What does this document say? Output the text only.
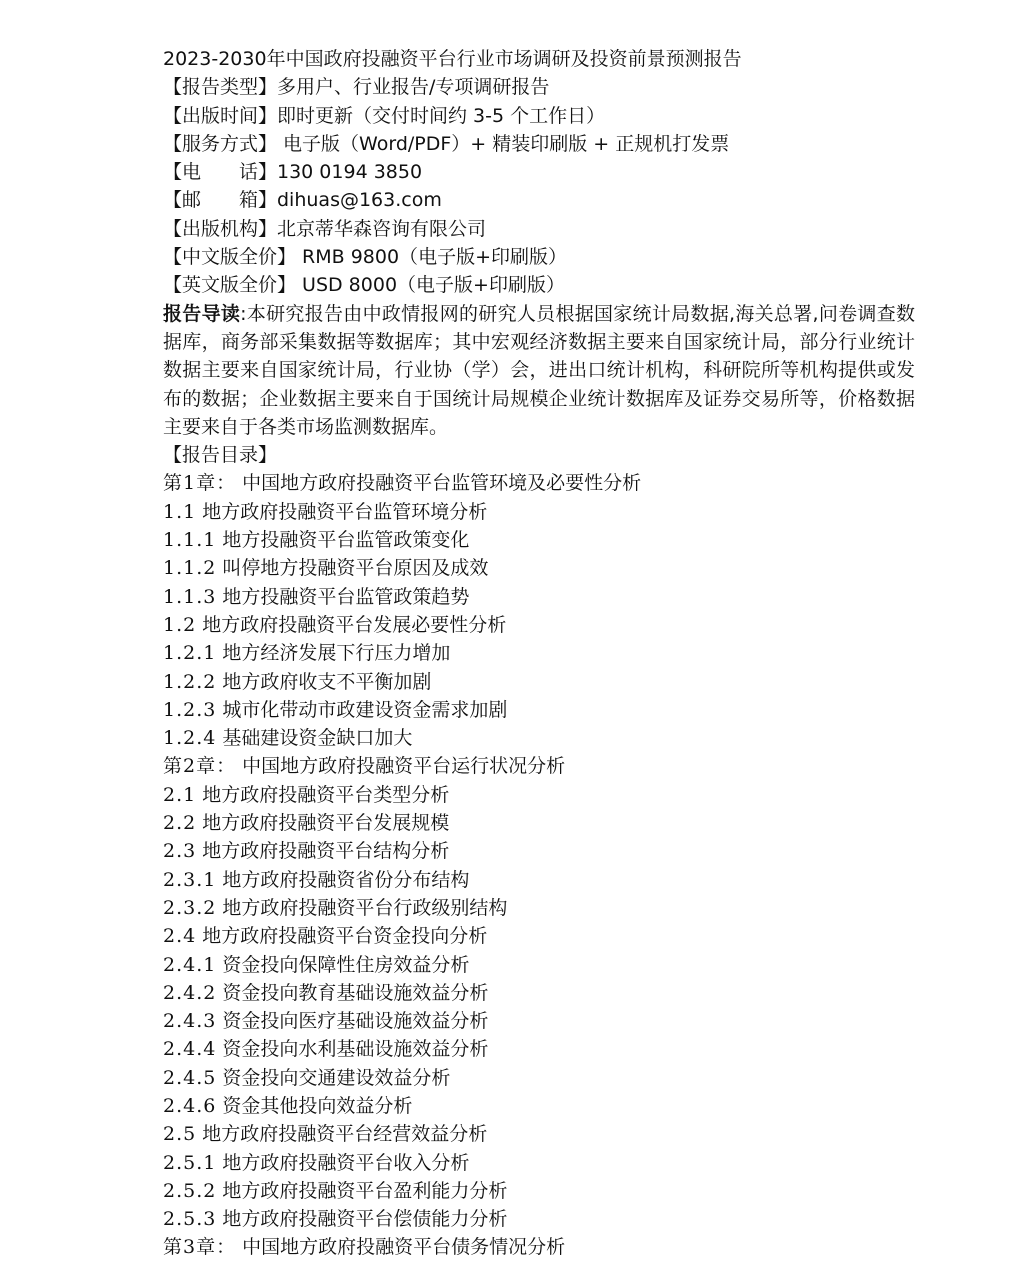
2023-2030年中国政府投融资平台行业市场调研及投资前景预测报告
【报告类型】多用户、行业报告/专项调研报告
【出版时间】即时更新（交付时间约 3-5 个工作日）
【服务方式】 电子版（Word/PDF）+ 精装印刷版 + 正规机打发票
【电　　话】130 0194 3850
【邮　　箱】dihuas@163.com
【出版机构】北京蒂华森咨询有限公司
【中文版全价】 RMB 9800（电子版+印刷版）
【英文版全价】 USD 8000（电子版+印刷版）

报告导读:本研究报告由中政情报网的研究人员根据国家统计局数据,海关总署,问卷调查数据库，商务部采集数据等数据库；其中宏观经济数据主要来自国家统计局，部分行业统计数据主要来自国家统计局，行业协（学）会，进出口统计机构，科研院所等机构提供或发布的数据；企业数据主要来自于国统计局规模企业统计数据库及证券交易所等，价格数据主要来自于各类市场监测数据库。

【报告目录】
第1章： 中国地方政府投融资平台监管环境及必要性分析
1.1 地方政府投融资平台监管环境分析
1.1.1 地方投融资平台监管政策变化
1.1.2 叫停地方投融资平台原因及成效
1.1.3 地方投融资平台监管政策趋势
1.2 地方政府投融资平台发展必要性分析
1.2.1 地方经济发展下行压力增加
1.2.2 地方政府收支不平衡加剧
1.2.3 城市化带动市政建设资金需求加剧
1.2.4 基础建设资金缺口加大
第2章： 中国地方政府投融资平台运行状况分析
2.1 地方政府投融资平台类型分析
2.2 地方政府投融资平台发展规模
2.3 地方政府投融资平台结构分析
2.3.1 地方政府投融资省份分布结构
2.3.2 地方政府投融资平台行政级别结构
2.4 地方政府投融资平台资金投向分析
2.4.1 资金投向保障性住房效益分析
2.4.2 资金投向教育基础设施效益分析
2.4.3 资金投向医疗基础设施效益分析
2.4.4 资金投向水利基础设施效益分析
2.4.5 资金投向交通建设效益分析
2.4.6 资金其他投向效益分析
2.5 地方政府投融资平台经营效益分析
2.5.1 地方政府投融资平台收入分析
2.5.2 地方政府投融资平台盈利能力分析
2.5.3 地方政府投融资平台偿债能力分析
第3章： 中国地方政府投融资平台债务情况分析
